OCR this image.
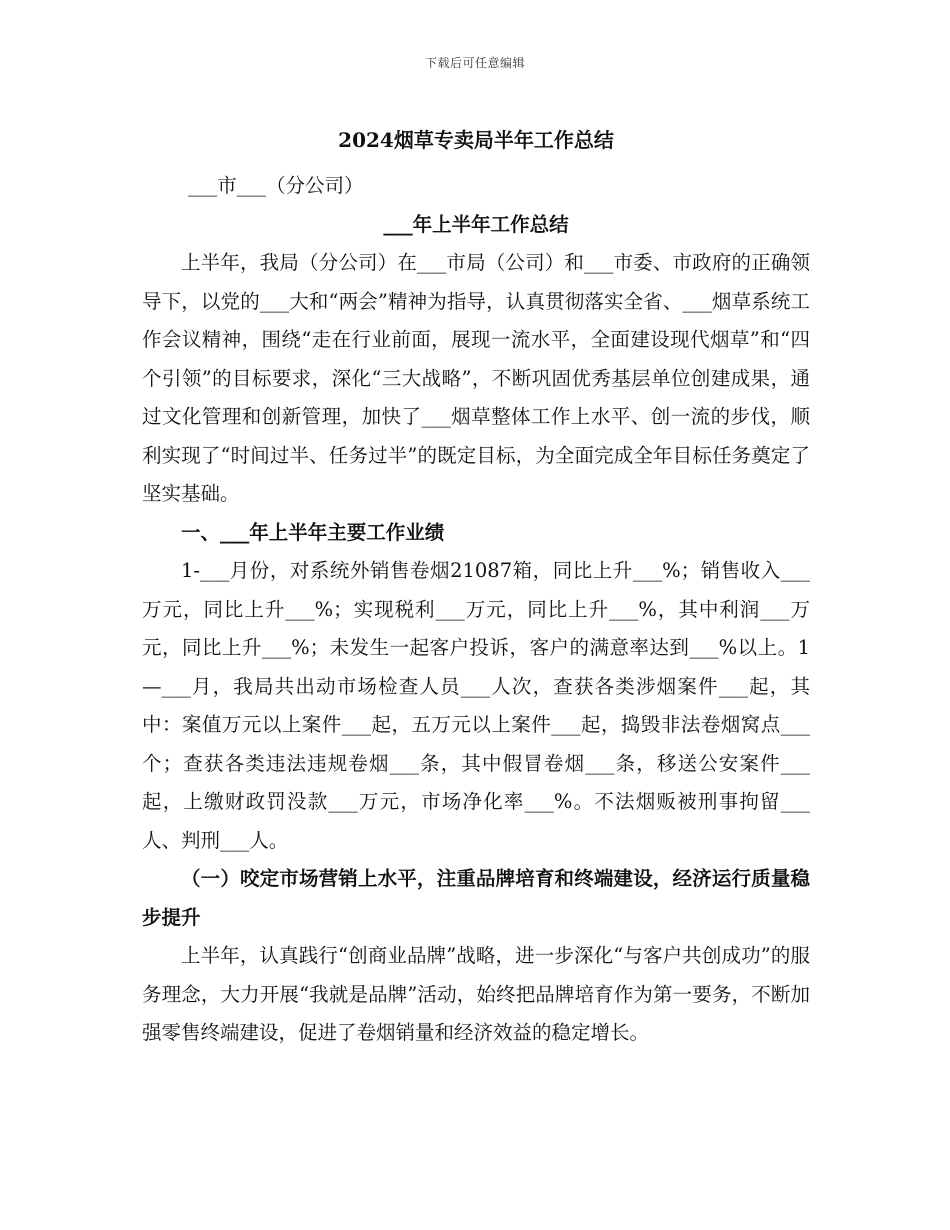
下载后可任意编辑
2024烟草专卖局半年工作总结

___市___（分公司）

___年上半年工作总结

上半年，我局（分公司）在___市局（公司）和___市委、市政府的正确领导下，以党的___大和“两会”精神为指导，认真贯彻落实全省、___烟草系统工作会议精神，围绕“走在行业前面，展现一流水平，全面建设现代烟草”和“四个引领”的目标要求，深化“三大战略”，不断巩固优秀基层单位创建成果，通过文化管理和创新管理，加快了___烟草整体工作上水平、创一流的步伐，顺利实现了“时间过半、任务过半”的既定目标，为全面完成全年目标任务奠定了坚实基础。

一、___年上半年主要工作业绩

1-___月份，对系统外销售卷烟21087箱，同比上升___%；销售收入___万元，同比上升___%；实现税利___万元，同比上升___%，其中利润___万元，同比上升___%；未发生一起客户投诉，客户的满意率达到___%以上。1—___月，我局共出动市场检查人员___人次，查获各类涉烟案件___起，其中：案值万元以上案件___起，五万元以上案件___起，捣毁非法卷烟窝点___个；查获各类违法违规卷烟___条，其中假冒卷烟___条，移送公安案件___起，上缴财政罚没款___万元，市场净化率___%。不法烟贩被刑事拘留___人、判刑___人。

（一）咬定市场营销上水平，注重品牌培育和终端建设，经济运行质量稳步提升

上半年，认真践行“创商业品牌”战略，进一步深化“与客户共创成功”的服务理念，大力开展“我就是品牌”活动，始终把品牌培育作为第一要务，不断加强零售终端建设，促进了卷烟销量和经济效益的稳定增长。
